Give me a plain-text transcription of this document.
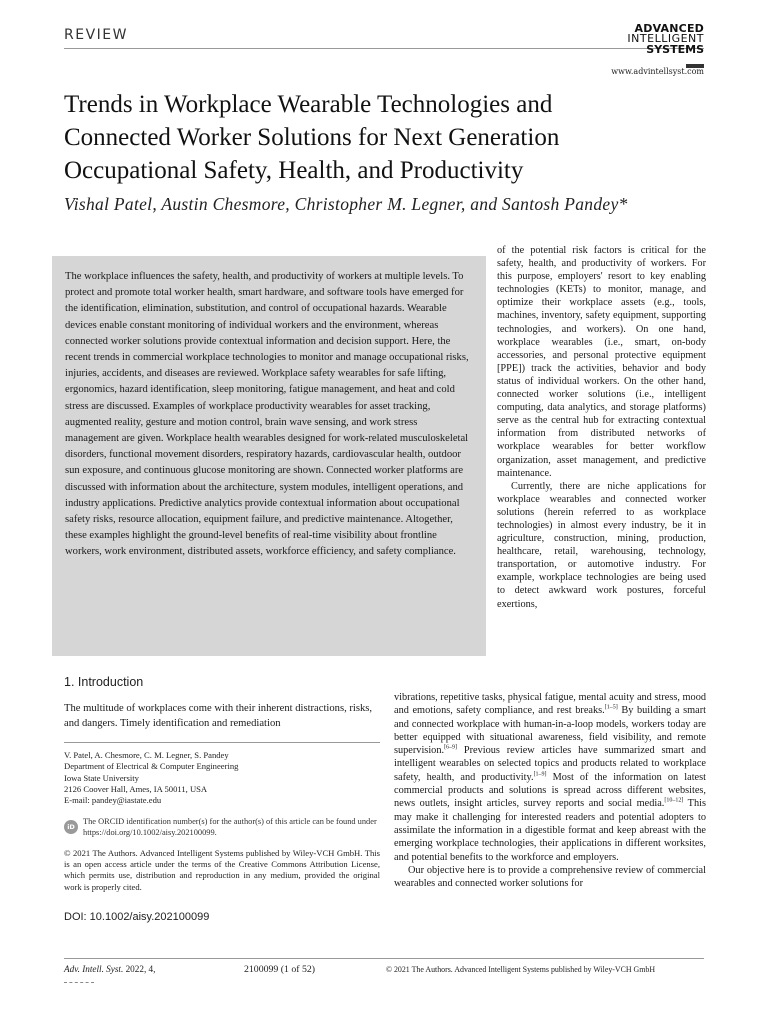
REVIEW	ADVANCED
INTELLIGENT
SYSTEMS
www.advintellsyst.com
Trends in Workplace Wearable Technologies and Connected Worker Solutions for Next Generation Occupational Safety, Health, and Productivity
Vishal Patel, Austin Chesmore, Christopher M. Legner, and Santosh Pandey*
The workplace influences the safety, health, and productivity of workers at multiple levels. To protect and promote total worker health, smart hardware, and software tools have emerged for the identification, elimination, substitution, and control of occupational hazards. Wearable devices enable constant monitoring of individual workers and the environment, whereas connected worker solutions provide contextual information and decision support. Here, the recent trends in commercial workplace technologies to monitor and manage occupational risks, injuries, accidents, and diseases are reviewed. Workplace safety wearables for safe lifting, ergonomics, hazard identification, sleep monitoring, fatigue management, and heat and cold stress are discussed. Examples of workplace productivity wearables for asset tracking, augmented reality, gesture and motion control, brain wave sensing, and work stress management are given. Workplace health wearables designed for work-related musculoskeletal disorders, functional movement disorders, respiratory hazards, cardiovascular health, outdoor sun exposure, and continuous glucose monitoring are shown. Connected worker platforms are discussed with information about the architecture, system modules, intelligent operations, and industry applications. Predictive analytics provide contextual information about occupational safety risks, resource allocation, equipment failure, and predictive maintenance. Altogether, these examples highlight the ground-level benefits of real-time visibility about frontline workers, work environment, distributed assets, workforce efficiency, and safety compliance.

of the potential risk factors is critical for the safety, health, and productivity of workers. For this purpose, employers' resort to key enabling technologies (KETs) to monitor, manage, and optimize their workplace assets (e.g., tools, machines, inventory, safety equipment, supporting technologies, and workers). On one hand, workplace wearables (i.e., smart, on-body accessories, and personal protective equipment [PPE]) track the activities, behavior and body status of individual workers. On the other hand, connected worker solutions (i.e., intelligent computing, data analytics, and storage platforms) serve as the central hub for extracting contextual information from distributed networks of workplace wearables for better workflow organization, asset management, and predictive maintenance.

Currently, there are niche applications for workplace wearables and connected worker solutions (herein referred to as workplace technologies) in almost every industry, be it in agriculture, construction, mining, production, healthcare, retail, warehousing, technology, transportation, or automotive industry. For example, workplace technologies are being used to detect awkward work postures, forceful exertions,

1. Introduction
The multitude of workplaces come with their inherent distractions, risks, and dangers. Timely identification and remediation

vibrations, repetitive tasks, physical fatigue, mental acuity and stress, mood and emotions, safety compliance, and rest breaks.[1–5] By building a smart and connected workplace with human-in-a-loop models, workers today are better equipped with situational awareness, field visibility, and remote supervision.[6–9] Previous review articles have summarized smart and intelligent wearables on selected topics and products related to workplace safety, health, and productivity.[1–9] Most of the information on latest commercial products and solutions is spread across different websites, news outlets, insight articles, survey reports and social media.[10–12] This may make it challenging for interested readers and potential adopters to assimilate the information in a digestible format and keep abreast with the emerging workplace technologies, their applications in different worksites, and potential benefits to the workforce and employers.

Our objective here is to provide a comprehensive review of commercial wearables and connected worker solutions for

V. Patel, A. Chesmore, C. M. Legner, S. Pandey
Department of Electrical & Computer Engineering
Iowa State University
2126 Coover Hall, Ames, IA 50011, USA
E-mail: pandey@iastate.edu
iD
The ORCID identification number(s) for the author(s) of this article can be found under https://doi.org/10.1002/aisy.202100099.
© 2021 The Authors. Advanced Intelligent Systems published by Wiley-VCH GmbH. This is an open access article under the terms of the Creative Commons Attribution License, which permits use, distribution and reproduction in any medium, provided the original work is properly cited.
DOI: 10.1002/aisy.202100099
Adv. Intell. Syst. 2022, 4,	2100099 (1 of 52)	© 2021 The Authors. Advanced Intelligent Systems published by Wiley-VCH GmbH
